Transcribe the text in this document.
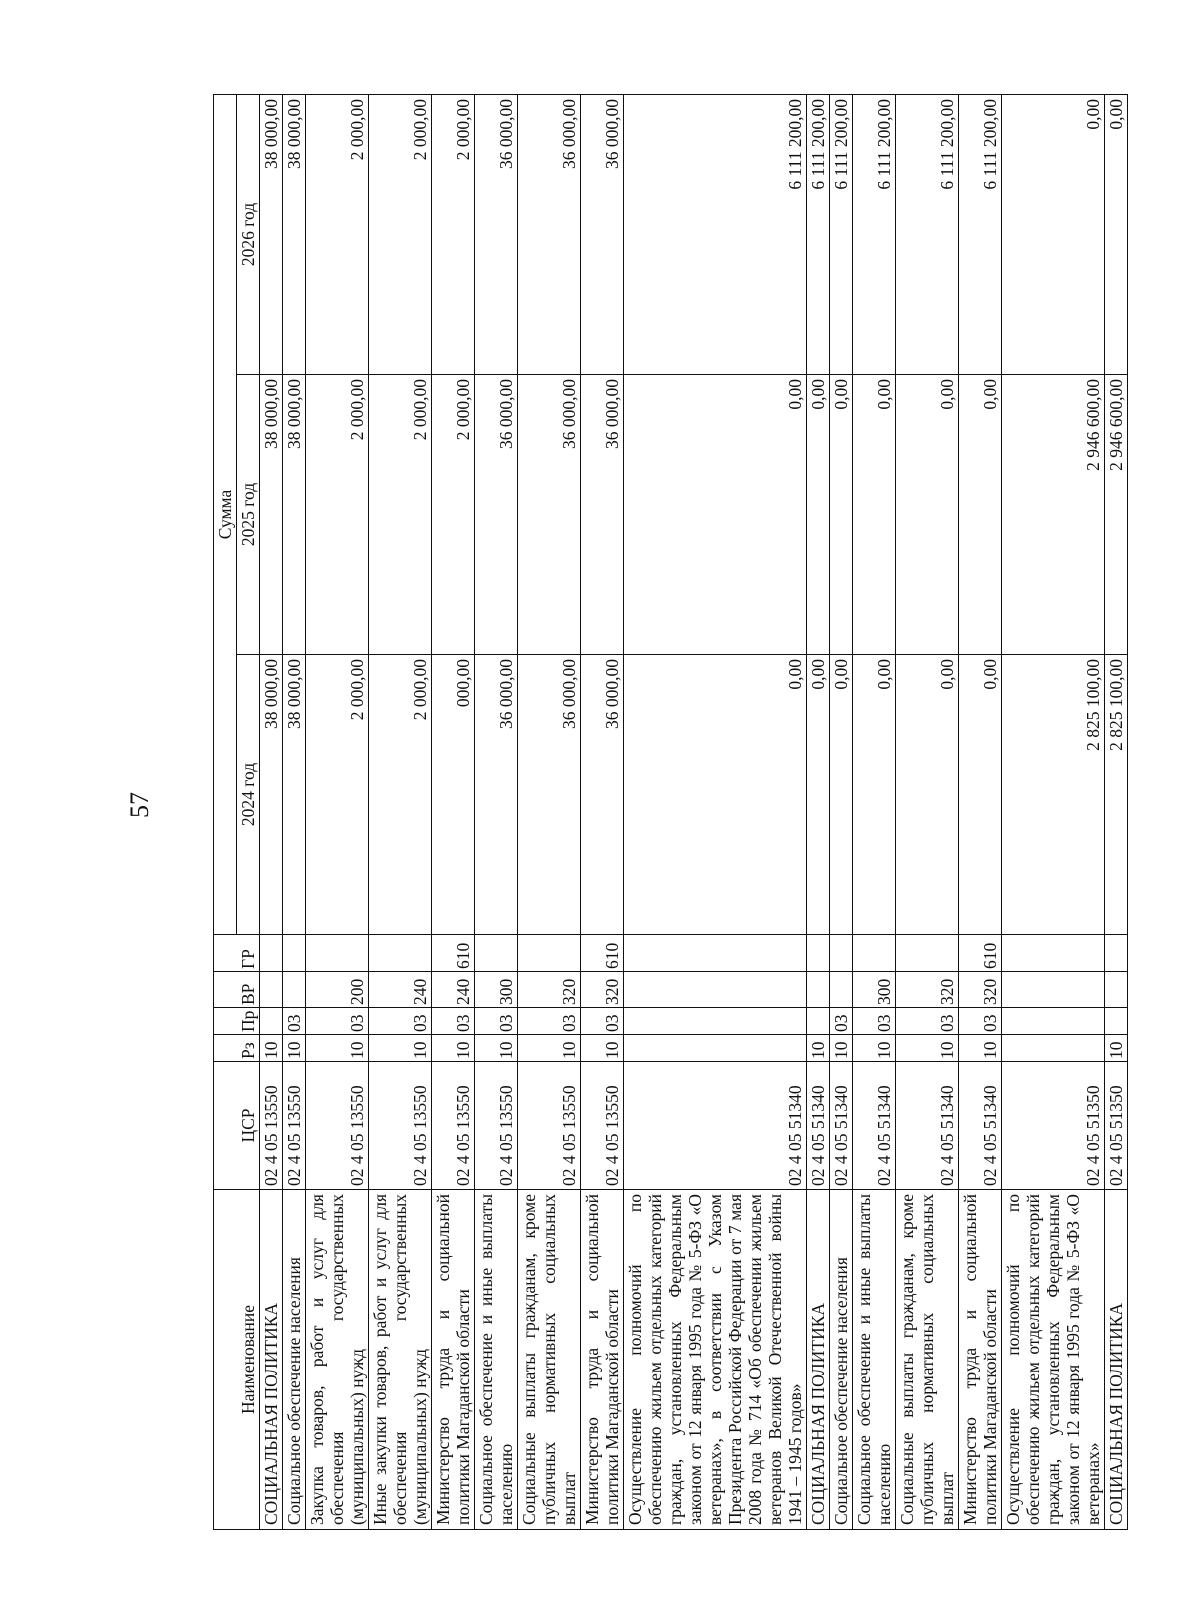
57
Наименование	ЦСР	Рз	Пр	ВР	ГР	Сумма		
						2024 год	2025 год	2026 год
СОЦИАЛЬНАЯ ПОЛИТИКА	02 4 05 13550	10				38 000,00	38 000,00	38 000,00
Социальное обеспечение населения	02 4 05 13550	10	03			38 000,00	38 000,00	38 000,00
Закупка товаров, работ и услуг для обеспечения государственных (муниципальных) нужд	02 4 05 13550	10	03	200		2 000,00	2 000,00	2 000,00
Иные закупки товаров, работ и услуг для обеспечения государственных (муниципальных) нужд	02 4 05 13550	10	03	240		2 000,00	2 000,00	2 000,00
Министерство труда и социальной политики Магаданской области	02 4 05 13550	10	03	240	610	000,00	2 000,00	2 000,00
Социальное обеспечение и иные выплаты населению	02 4 05 13550	10	03	300		36 000,00	36 000,00	36 000,00
Социальные выплаты гражданам, кроме публичных нормативных социальных выплат	02 4 05 13550	10	03	320		36 000,00	36 000,00	36 000,00
Министерство труда и социальной политики Магаданской области	02 4 05 13550	10	03	320	610	36 000,00	36 000,00	36 000,00
Осуществление полномочий по обеспечению жильем отдельных категорий граждан, установленных Федеральным законом от 12 января 1995 года № 5-ФЗ «О ветеранах», в соответствии с Указом Президента Российской Федерации от 7 мая 2008 года № 714 «Об обеспечении жильем ветеранов Великой Отечественной войны 1941 – 1945 годов»	02 4 05 51340					0,00	0,00	6 111 200,00
СОЦИАЛЬНАЯ ПОЛИТИКА	02 4 05 51340	10				0,00	0,00	6 111 200,00
Социальное обеспечение населения	02 4 05 51340	10	03			0,00	0,00	6 111 200,00
Социальное обеспечение и иные выплаты населению	02 4 05 51340	10	03	300		0,00	0,00	6 111 200,00
Социальные выплаты гражданам, кроме публичных нормативных социальных выплат	02 4 05 51340	10	03	320		0,00	0,00	6 111 200,00
Министерство труда и социальной политики Магаданской области	02 4 05 51340	10	03	320	610	0,00	0,00	6 111 200,00
Осуществление полномочий по обеспечению жильем отдельных категорий граждан, установленных Федеральным законом от 12 января 1995 года № 5-ФЗ «О ветеранах»	02 4 05 51350					2 825 100,00	2 946 600,00	0,00
СОЦИАЛЬНАЯ ПОЛИТИКА	02 4 05 51350	10				2 825 100,00	2 946 600,00	0,00
